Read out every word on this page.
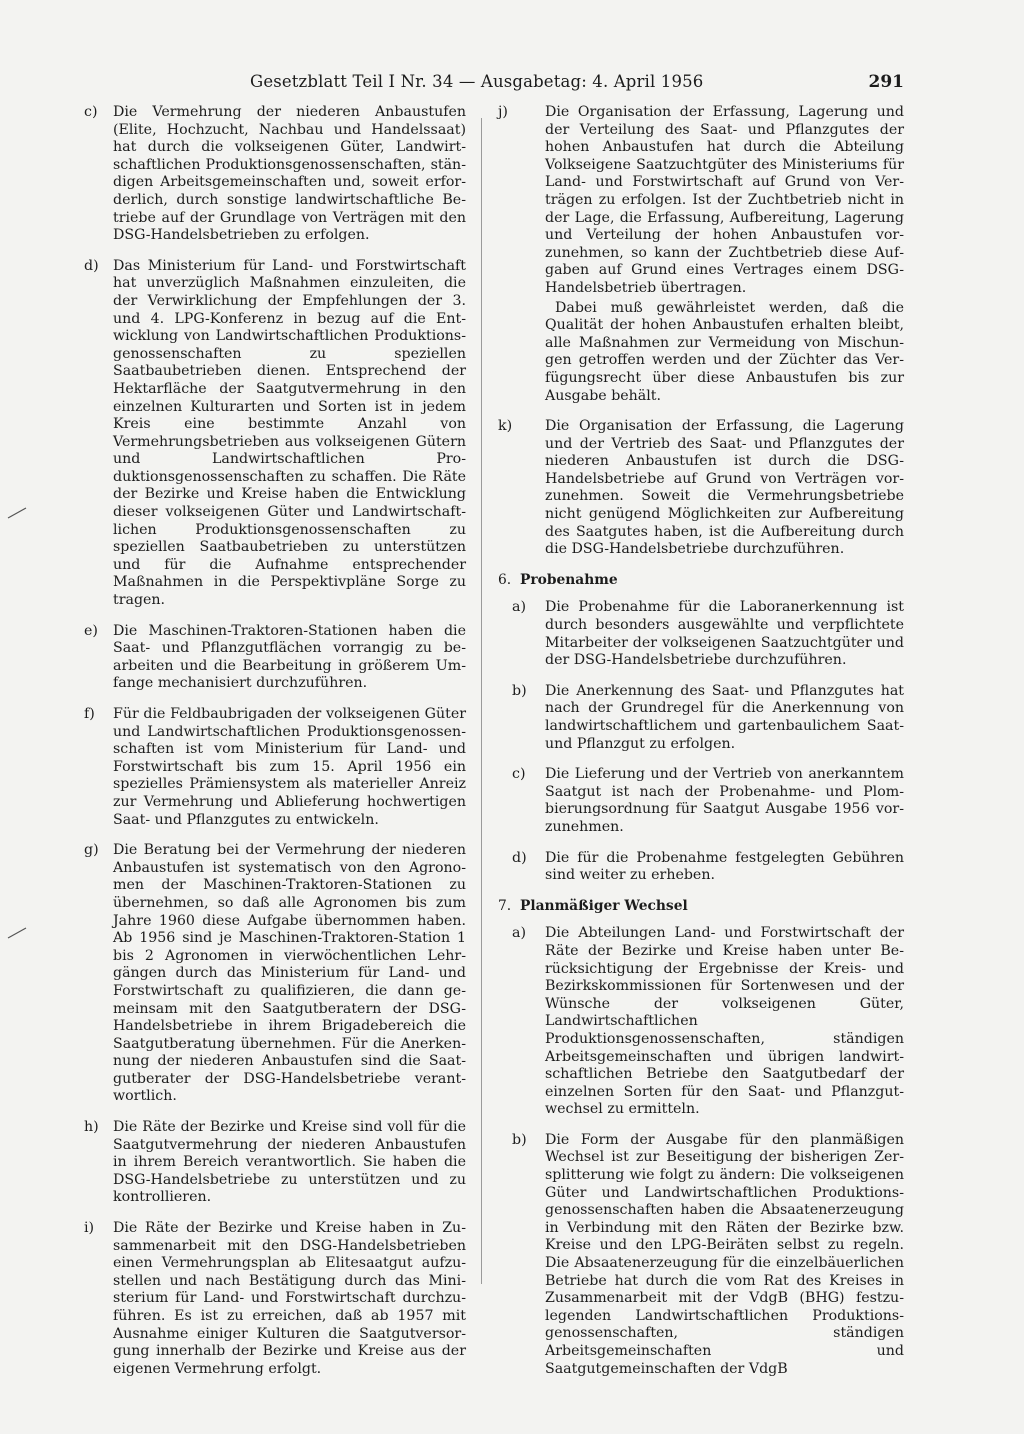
Gesetzblatt Teil I Nr. 34 — Ausgabetag: 4. April 1956	291
c) Die Vermehrung der niederen Anbaustufen (Elite, Hochzucht, Nachbau und Handelssaat) hat durch die volkseigenen Güter, Landwirtschaftlichen Produktionsgenossenschaften, ständigen Arbeitsgemeinschaften und, soweit erforderlich, durch sonstige landwirtschaftliche Betriebe auf der Grundlage von Verträgen mit den DSG-Handelsbetrieben zu erfolgen.
d) Das Ministerium für Land- und Forstwirtschaft hat unverzüglich Maßnahmen einzuleiten, die der Verwirklichung der Empfehlungen der 3. und 4. LPG-Konferenz in bezug auf die Entwicklung von Landwirtschaftlichen Produktionsgenossenschaften zu speziellen Saatbaubetrieben dienen. Entsprechend der Hektarfläche der Saatgutvermehrung in den einzelnen Kulturarten und Sorten ist in jedem Kreis eine bestimmte Anzahl von Vermehrungsbetrieben aus volkseigenen Gütern und Landwirtschaftlichen Produktionsgenossenschaften zu schaffen. Die Räte der Bezirke und Kreise haben die Entwicklung dieser volkseigenen Güter und Landwirtschaftlichen Produktionsgenossenschaften zu speziellen Saatbaubetrieben zu unterstützen und für die Aufnahme entsprechender Maßnahmen in die Perspektivpläne Sorge zu tragen.
e) Die Maschinen-Traktoren-Stationen haben die Saat- und Pflanzgutflächen vorrangig zu bearbeiten und die Bearbeitung in größerem Umfange mechanisiert durchzuführen.
f) Für die Feldbaubrigaden der volkseigenen Güter und Landwirtschaftlichen Produktionsgenossenschaften ist vom Ministerium für Land- und Forstwirtschaft bis zum 15. April 1956 ein spezielles Prämiensystem als materieller Anreiz zur Vermehrung und Ablieferung hochwertigen Saat- und Pflanzgutes zu entwickeln.
g) Die Beratung bei der Vermehrung der niederen Anbaustufen ist systematisch von den Agronomen der Maschinen-Traktoren-Stationen zu übernehmen, so daß alle Agronomen bis zum Jahre 1960 diese Aufgabe übernommen haben. Ab 1956 sind je Maschinen-Traktoren-Station 1 bis 2 Agronomen in vierwöchentlichen Lehrgängen durch das Ministerium für Land- und Forstwirtschaft zu qualifizieren, die dann gemeinsam mit den Saatgutberatern der DSG-Handelsbetriebe in ihrem Brigadebereich die Saatgutberatung übernehmen. Für die Anerkennung der niederen Anbaustufen sind die Saatgutberater der DSG-Handelsbetriebe verantwortlich.
h) Die Räte der Bezirke und Kreise sind voll für die Saatgutvermehrung der niederen Anbaustufen in ihrem Bereich verantwortlich. Sie haben die DSG-Handelsbetriebe zu unterstützen und zu kontrollieren.
i) Die Räte der Bezirke und Kreise haben in Zusammenarbeit mit den DSG-Handelsbetrieben einen Vermehrungsplan ab Elitesaatgut aufzustellen und nach Bestätigung durch das Ministerium für Land- und Forstwirtschaft durchzuführen. Es ist zu erreichen, daß ab 1957 mit Ausnahme einiger Kulturen die Saatgutversorgung innerhalb der Bezirke und Kreise aus der eigenen Vermehrung erfolgt.
j)	Die Organisation der Erfassung, Lagerung und der Verteilung des Saat- und Pflanzgutes der hohen Anbaustufen hat durch die Abteilung Volkseigene Saatzuchtgüter des Ministeriums für Land- und Forstwirtschaft auf Grund von Verträgen zu erfolgen. Ist der Zuchtbetrieb nicht in der Lage, die Erfassung, Aufbereitung, Lagerung und Verteilung der hohen Anbaustufen vorzunehmen, so kann der Zuchtbetrieb diese Aufgaben auf Grund eines Vertrages einem DSG-Handelsbetrieb übertragen.
Dabei muß gewährleistet werden, daß die Qualität der hohen Anbaustufen erhalten bleibt, alle Maßnahmen zur Vermeidung von Mischungen getroffen werden und der Züchter das Verfügungsrecht über diese Anbaustufen bis zur Ausgabe behält.
k) Die Organisation der Erfassung, die Lagerung und der Vertrieb des Saat- und Pflanzgutes der niederen Anbaustufen ist durch die DSG-Handelsbetriebe auf Grund von Verträgen vorzunehmen. Soweit die Vermehrungsbetriebe nicht genügend Möglichkeiten zur Aufbereitung des Saatgutes haben, ist die Aufbereitung durch die DSG-Handelsbetriebe durchzuführen.
6. Probenahme
a) Die Probenahme für die Laboranerkennung ist durch besonders ausgewählte und verpflichtete Mitarbeiter der volkseigenen Saatzuchtgüter und der DSG-Handelsbetriebe durchzuführen.
b) Die Anerkennung des Saat- und Pflanzgutes hat nach der Grundregel für die Anerkennung von landwirtschaftlichem und gartenbaulichem Saat- und Pflanzgut zu erfolgen.
c) Die Lieferung und der Vertrieb von anerkanntem Saatgut ist nach der Probenahme- und Plombierungsordnung für Saatgut Ausgabe 1956 vorzunehmen.
d) Die für die Probenahme festgelegten Gebühren sind weiter zu erheben.
7. Planmäßiger Wechsel
a) Die Abteilungen Land- und Forstwirtschaft der Räte der Bezirke und Kreise haben unter Berücksichtigung der Ergebnisse der Kreis- und Bezirkskommissionen für Sortenwesen und der Wünsche der volkseigenen Güter, Landwirtschaftlichen Produktionsgenossenschaften, ständigen Arbeitsgemeinschaften und übrigen landwirtschaftlichen Betriebe den Saatgutbedarf der einzelnen Sorten für den Saat- und Pflanzgutwechsel zu ermitteln.
b) Die Form der Ausgabe für den planmäßigen Wechsel ist zur Beseitigung der bisherigen Zersplitterung wie folgt zu ändern: Die volkseigenen Güter und Landwirtschaftlichen Produktionsgenossenschaften haben die Absaatenerzeugung in Verbindung mit den Räten der Bezirke bzw. Kreise und den LPG-Beiräten selbst zu regeln. Die Absaatenerzeugung für die einzelbäuerlichen Betriebe hat durch die vom Rat des Kreises in Zusammenarbeit mit der VdgB (BHG) festzulegenden Landwirtschaftlichen Produktionsgenossenschaften, ständigen Arbeitsgemeinschaften und Saatgutgemeinschaften der VdgB
